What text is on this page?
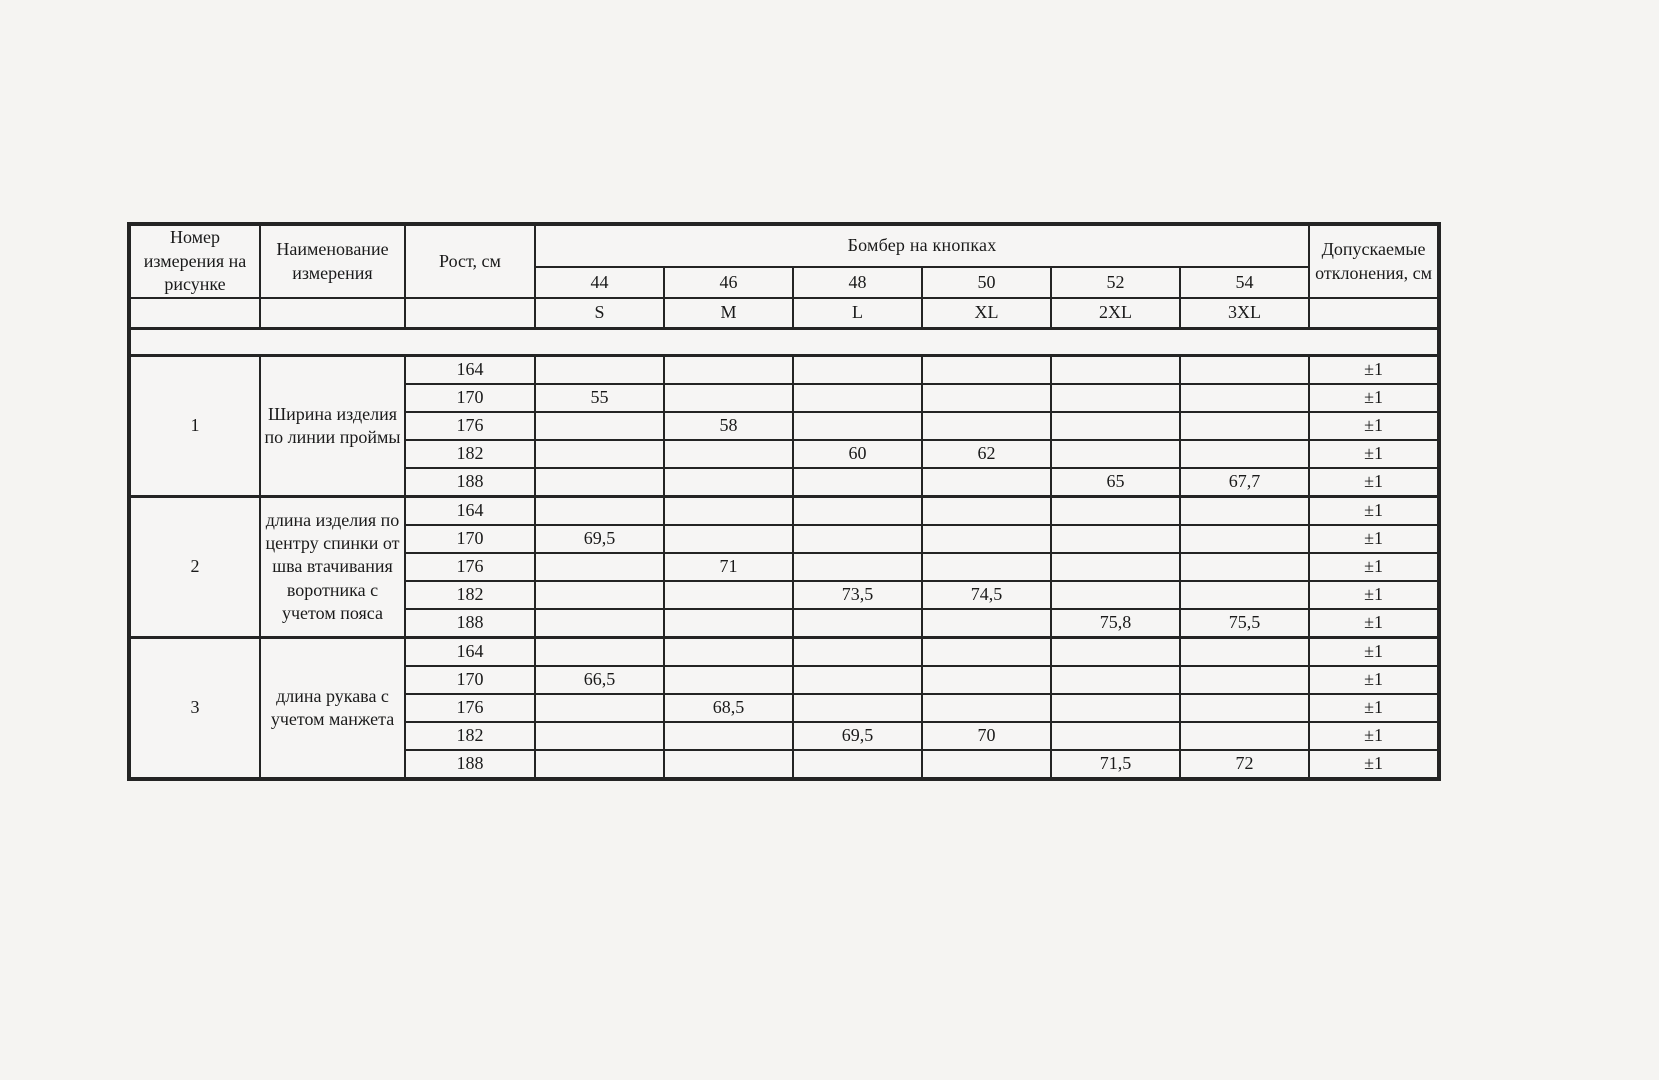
Номер измерения на рисунке	Наименование измерения	Рост, см	Бомбер на кнопках						Допускаемые отклонения, см
			44	46	48	50	52	54	
			S	M	L	XL	2XL	3XL	

1	Ширина изделия по линии проймы	164							±1
		170	55						±1
		176		58					±1
		182			60	62			±1
		188					65	67,7	±1
2	длина изделия по центру спинки от шва втачивания воротника с учетом пояса	164							±1
		170	69,5						±1
		176		71					±1
		182			73,5	74,5			±1
		188					75,8	75,5	±1
3	длина рукава с учетом манжета	164							±1
		170	66,5						±1
		176		68,5					±1
		182			69,5	70			±1
		188					71,5	72	±1
